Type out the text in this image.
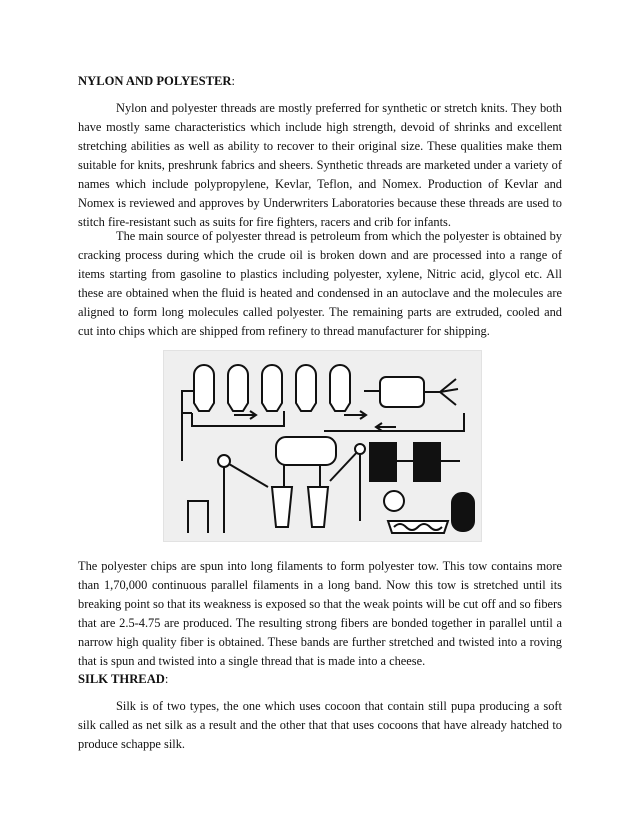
NYLON AND POLYESTER:

Nylon and polyester threads are mostly preferred for synthetic or stretch knits. They both have mostly same characteristics which include high strength, devoid of shrinks and excellent stretching abilities as well as ability to recover to their original size. These qualities make them suitable for knits, preshrunk fabrics and sheers. Synthetic threads are marketed under a variety of names which include polypropylene, Kevlar, Teflon, and Nomex. Production of Kevlar and Nomex is reviewed and approves by Underwriters Laboratories because these threads are used to stitch fire-resistant such as suits for fire fighters, racers and crib for infants.

The main source of polyester thread is petroleum from which the polyester is obtained by cracking process during which the crude oil is broken down and are processed into a range of items starting from gasoline to plastics including polyester, xylene, Nitric acid, glycol etc. All these are obtained when the fluid is heated and condensed in an autoclave and the molecules are aligned to form long molecules called polyester. The remaining parts are extruded, cooled and cut into chips which are shipped from refinery to thread manufacturer for shipping.

The polyester chips are spun into long filaments to form polyester tow. This tow contains more than 1,70,000 continuous parallel filaments in a long band. Now this tow is stretched until its breaking point so that its weakness is exposed so that the weak points will be cut off and so fibers that are 2.5-4.75 are produced. The resulting strong fibers are bonded together in parallel until a narrow high quality fiber is obtained. These bands are further stretched and twisted into a roving that is spun and twisted into a single thread that is made into a cheese.

SILK THREAD:

Silk is of two types, the one which uses cocoon that contain still pupa producing a soft silk called as net silk as a result and the other that that uses cocoons that have already hatched to produce schappe silk.
